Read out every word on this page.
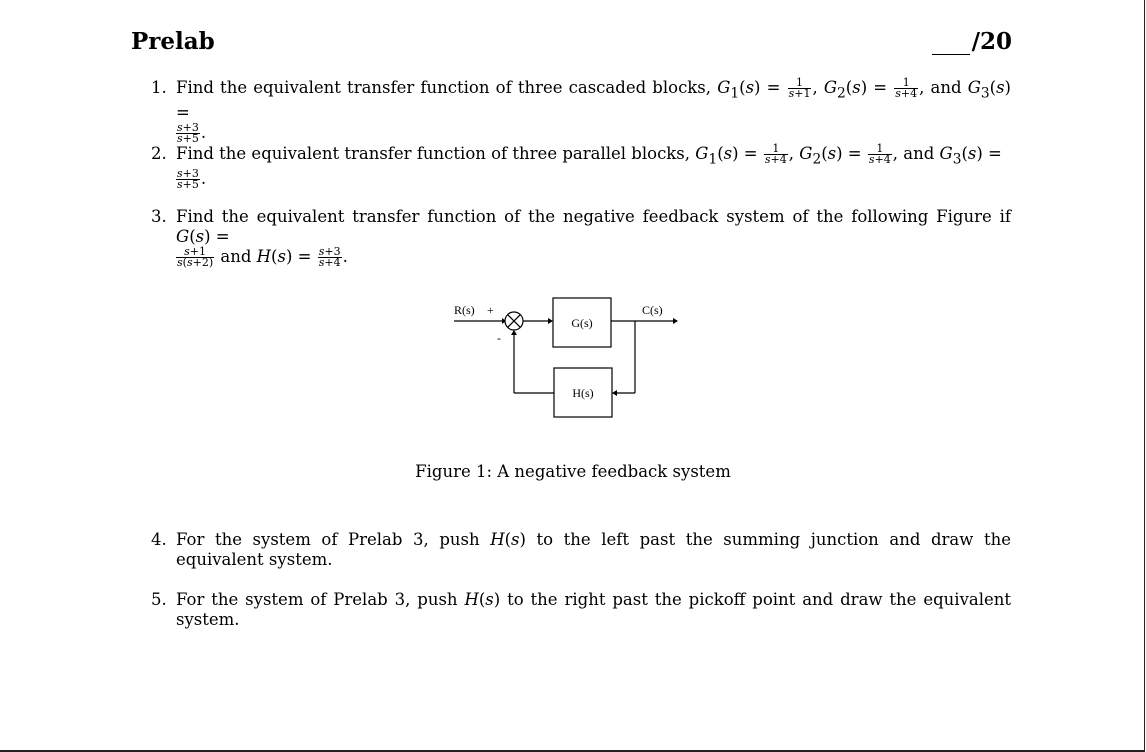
Prelab	/20
1. Find the equivalent transfer function of three cascaded blocks, $G_1(s) = \frac{1}{s+1}$ , $G_2(s) = \frac{1}{s+4}$ , and $G_3(s)$ =

$\frac{s+3}{s+5}$ .
2. Find the equivalent transfer function of three parallel blocks, $G_1(s) = \frac{1}{s+4}$ , $G_2(s) = \frac{1}{s+4}$ , and $G_3(s)$ =

$\frac{s+3}{s+5}$ .
3. Find the equivalent transfer function of the negative feedback system of the following Figure if G(s) =

$\frac{s+1}{s(s+2)}$ and $H(s) = \frac{s+3}{s+4}$ .
R(s) +
-
C(s)
G(s)
H(s)
Figure 1: A negative feedback system
4. For the system of Prelab 3, push H(s) to the left past the summing junction and draw the equivalent system.
5. For the system of Prelab 3, push H(s) to the right past the pickoff point and draw the equivalent system.
